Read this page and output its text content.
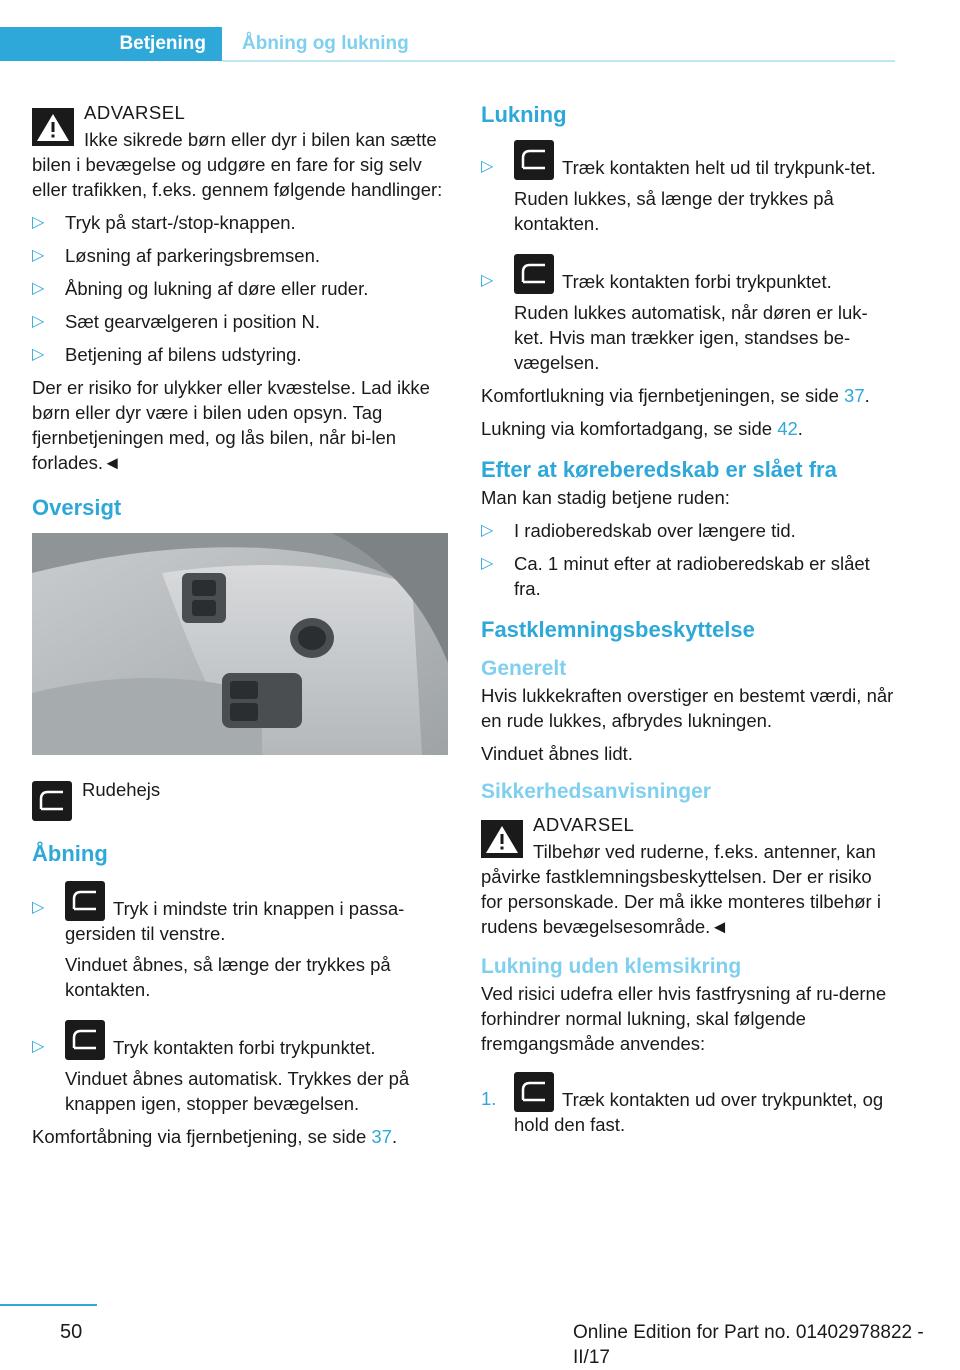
Betjening Åbning og lukning

ADVARSEL

Ikke sikrede børn eller dyr i bilen kan sætte bilen i bevægelse og udgøre en fare for sig selv eller trafikken, f.eks. gennem følgende handlinger:

▷ Tryk på start-/stop-knappen.
▷ Løsning af parkeringsbremsen.
▷ Åbning og lukning af døre eller ruder.
▷ Sæt gearvælgeren i position N.
▷ Betjening af bilens udstyring.

Der er risiko for ulykker eller kvæstelse. Lad ikke børn eller dyr være i bilen uden opsyn. Tag fjernbetjeningen med, og lås bilen, når bi-len forlades.◄

Oversigt
Rudehejs
Åbning
▷	Tryk i mindste trin knappen i passa-gersiden til venstre.

Vinduet åbnes, så længe der trykkes på kontakten.

▷	Tryk kontakten forbi trykpunktet.

Vinduet åbnes automatisk. Trykkes der på knappen igen, stopper bevægelsen.

Komfortåbning via fjernbetjening, se side 37.

Lukning
▷	Træk kontakten helt ud til trykpunk-tet.

Ruden lukkes, så længe der trykkes på kontakten.

▷	Træk kontakten forbi trykpunktet.

Ruden lukkes automatisk, når døren er luk-ket. Hvis man trækker igen, standses be-vægelsen.

Komfortlukning via fjernbetjeningen, se side 37.

Lukning via komfortadgang, se side 42.

Efter at køreberedskab er slået fra

Man kan stadig betjene ruden:

▷ I radioberedskab over længere tid.
▷ Ca. 1 minut efter at radioberedskab er slået fra.
Fastklemningsbeskyttelse
Generelt

Hvis lukkekraften overstiger en bestemt værdi, når en rude lukkes, afbrydes lukningen.

Vinduet åbnes lidt.

Sikkerhedsanvisninger

ADVARSEL

Tilbehør ved ruderne, f.eks. antenner, kan påvirke fastklemningsbeskyttelsen. Der er risiko for personskade. Der må ikke monteres tilbehør i rudens bevægelsesområde.◄

Lukning uden klemsikring

Ved risici udefra eller hvis fastfrysning af ru-derne forhindrer normal lukning, skal følgende fremgangsmåde anvendes:

1.	Træk kontakten ud over trykpunktet, og hold den fast.

50	Online Edition for Part no. 01402978822 - II/17
